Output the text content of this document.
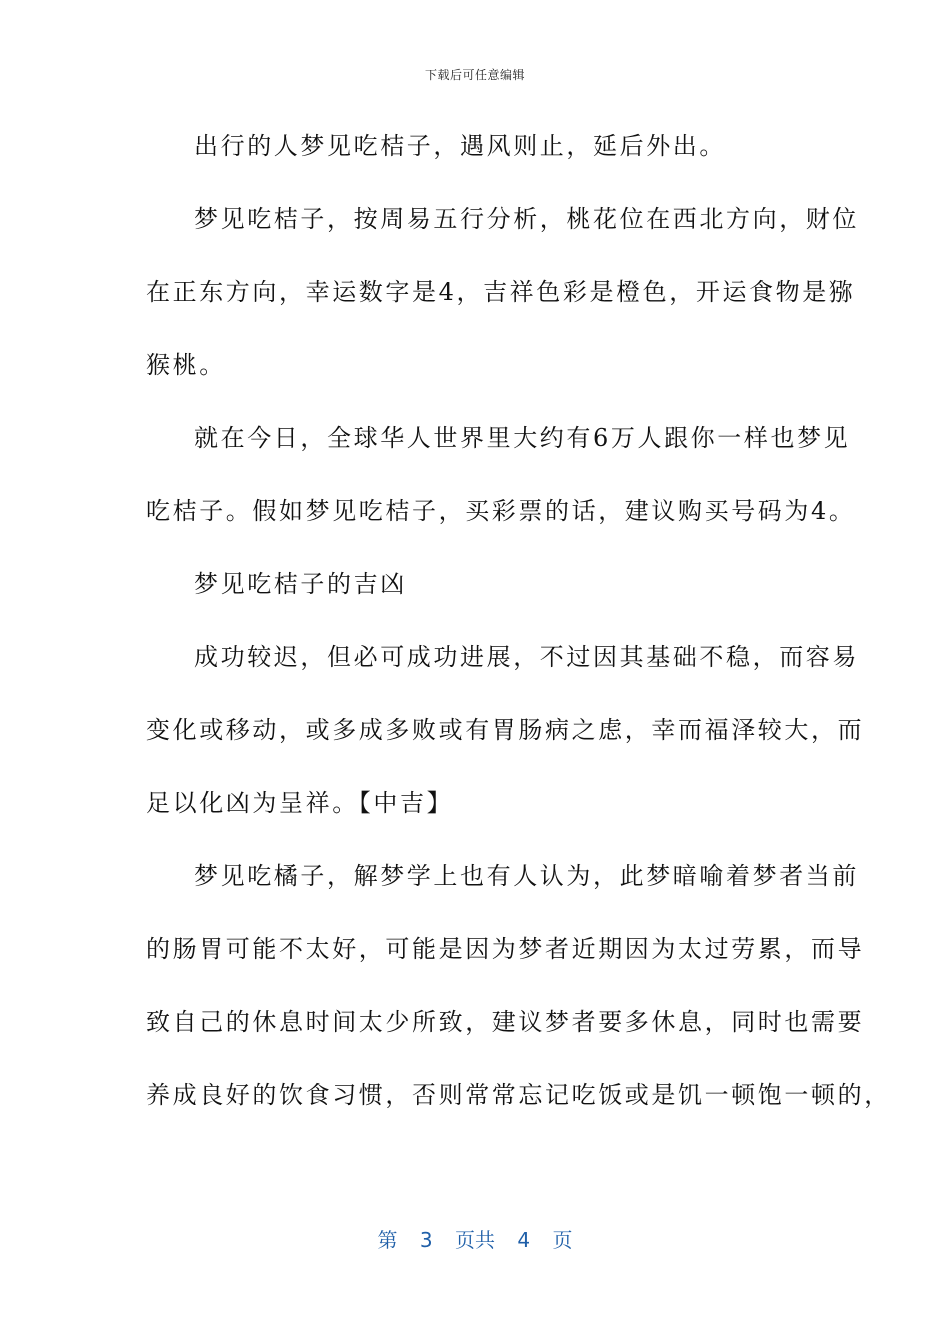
下载后可任意编辑
出行的人梦见吃桔子，遇风则止，延后外出。
梦见吃桔子，按周易五行分析，桃花位在西北方向，财位
在正东方向，幸运数字是4，吉祥色彩是橙色，开运食物是猕
猴桃。
就在今日，全球华人世界里大约有6万人跟你一样也梦见
吃桔子。假如梦见吃桔子，买彩票的话，建议购买号码为4。
梦见吃桔子的吉凶
成功较迟，但必可成功进展，不过因其基础不稳，而容易
变化或移动，或多成多败或有胃肠病之虑，幸而福泽较大，而
足以化凶为呈祥。【中吉】
梦见吃橘子，解梦学上也有人认为，此梦暗喻着梦者当前
的肠胃可能不太好，可能是因为梦者近期因为太过劳累，而导
致自己的休息时间太少所致，建议梦者要多休息，同时也需要
养成良好的饮食习惯，否则常常忘记吃饭或是饥一顿饱一顿的，
第 3 页共 4 页
